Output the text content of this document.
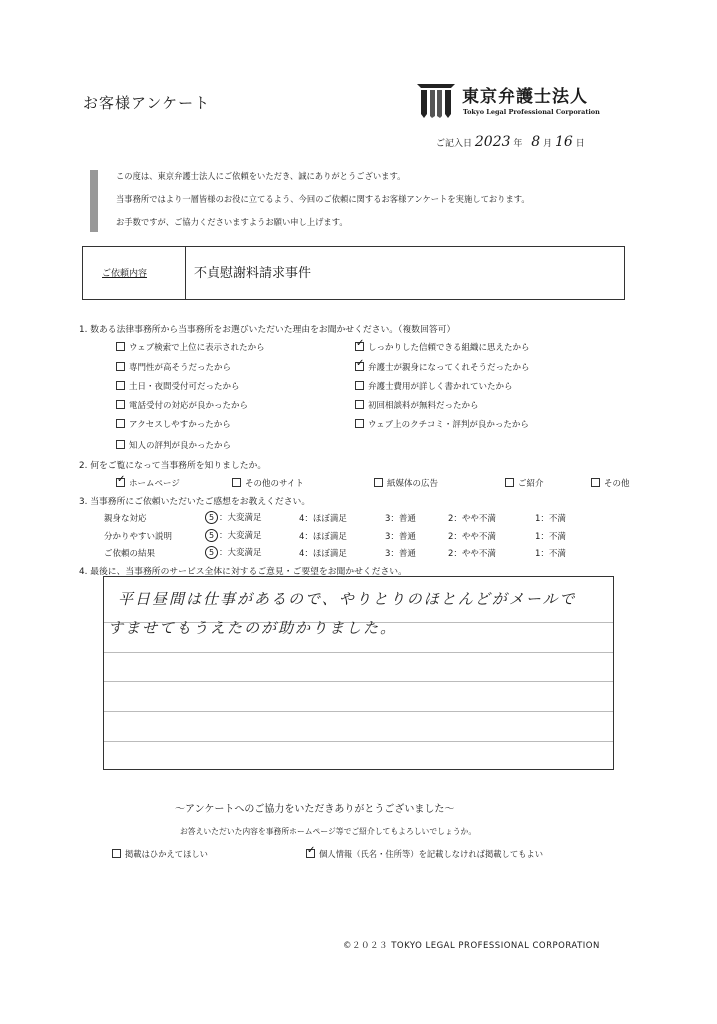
お客様アンケート	東京弁護士法人
Tokyo Legal Professional Corporation
ご記入日 2023 年 8 月 16 日
この度は、東京弁護士法人にご依頼をいただき、誠にありがとうございます。
当事務所ではより一層皆様のお役に立てるよう、今回のご依頼に関するお客様アンケートを実施しております。
お手数ですが、ご協力くださいますようお願い申し上げます。
ご依頼内容	不貞慰謝料請求事件
1. 数ある法律事務所から当事務所をお選びいただいた理由をお聞かせください。（複数回答可）
ウェブ検索で上位に表示されたから ✓	しっかりした信頼できる組織に思えたから
専門性が高そうだったから ✓	弁護士が親身になってくれそうだったから
土日・夜間受付可だったから	弁護士費用が詳しく書かれていたから
電話受付の対応が良かったから	初回相談料が無料だったから
アクセスしやすかったから	ウェブ上のクチコミ・評判が良かったから
知人の評判が良かったから
2. 何をご覧になって当事務所を知りましたか。
✓ホームページ	その他のサイト	紙媒体の広告	ご紹介	その他
3. 当事務所にご依頼いただいたご感想をお教えください。
親身な対応	5 ：大変満足	4：ほぼ満足	3：普通	2：やや不満	1：不満
分かりやすい説明	5 ：大変満足	4：ほぼ満足	3：普通	2：やや不満	1：不満
ご依頼の結果	5 ：大変満足	4：ほぼ満足	3：普通	2：やや不満	1：不満
4. 最後に、当事務所のサービス全体に対するご意見・ご要望をお聞かせください。
平日昼間は仕事があるので、やりとりのほとんどがメールで
すませてもうえたのが助かりました。
～アンケートへのご協力をいただきありがとうございました～
お答えいただいた内容を事務所ホームページ等でご紹介してもよろしいでしょうか。
掲載はひかえてほしい ✓	個人情報（氏名・住所等）を記載しなければ掲載してもよい
©２０２３ TOKYO LEGAL PROFESSIONAL CORPORATION
